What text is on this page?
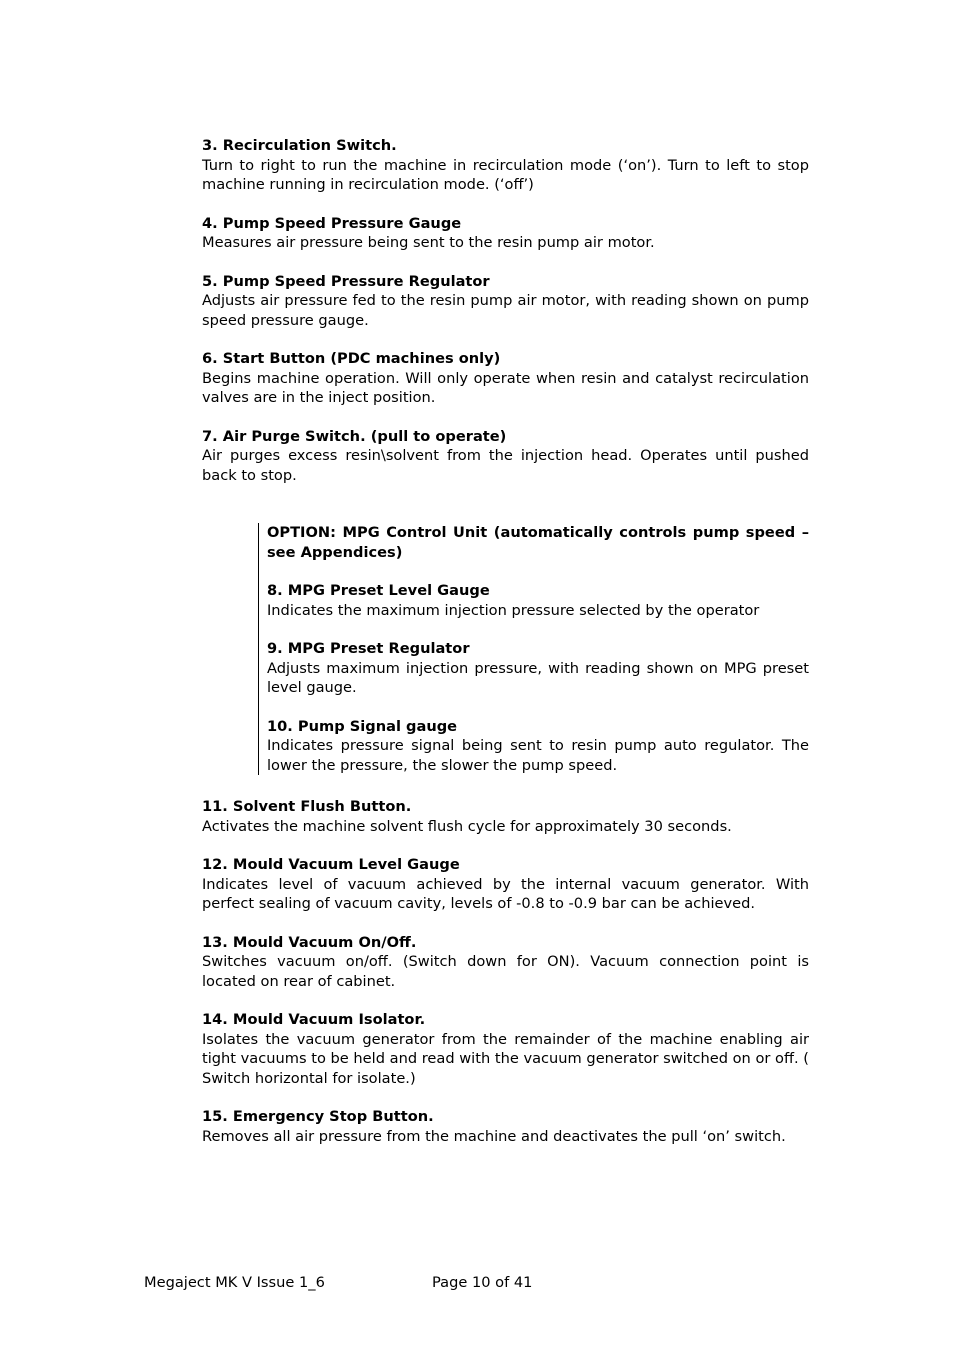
3. Recirculation Switch.
Turn to right to run the machine in recirculation mode (‘on’). Turn to left to stop machine running in recirculation mode. (‘off’)
4. Pump Speed Pressure Gauge
Measures air pressure being sent to the resin pump air motor.
5. Pump Speed Pressure Regulator
Adjusts air pressure fed to the resin pump air motor, with reading shown on pump speed pressure gauge.
6. Start Button (PDC machines only)
Begins machine operation. Will only operate when resin and catalyst recirculation valves are in the inject position.
7. Air Purge Switch. (pull to operate)
Air purges excess resin\solvent from the injection head. Operates until pushed back to stop.
OPTION: MPG Control Unit (automatically controls pump speed – see Appendices)
8. MPG Preset Level Gauge
Indicates the maximum injection pressure selected by the operator
9. MPG Preset Regulator
Adjusts maximum injection pressure, with reading shown on MPG preset level gauge.
10. Pump Signal gauge
Indicates pressure signal being sent to resin pump auto regulator. The lower the pressure, the slower the pump speed.
11. Solvent Flush Button.
Activates the machine solvent flush cycle for approximately 30 seconds.
12. Mould Vacuum Level Gauge
Indicates level of vacuum achieved by the internal vacuum generator. With perfect sealing of vacuum cavity, levels of -0.8 to -0.9 bar can be achieved.
13. Mould Vacuum On/Off.
Switches vacuum on/off. (Switch down for ON). Vacuum connection point is located on rear of cabinet.
14. Mould Vacuum Isolator.
Isolates the vacuum generator from the remainder of the machine enabling air tight vacuums to be held and read with the vacuum generator switched on or off. ( Switch horizontal for isolate.)
15. Emergency Stop Button.
Removes all air pressure from the machine and deactivates the pull ‘on’ switch.
Megaject MK V Issue 1_6	Page 10 of 41
